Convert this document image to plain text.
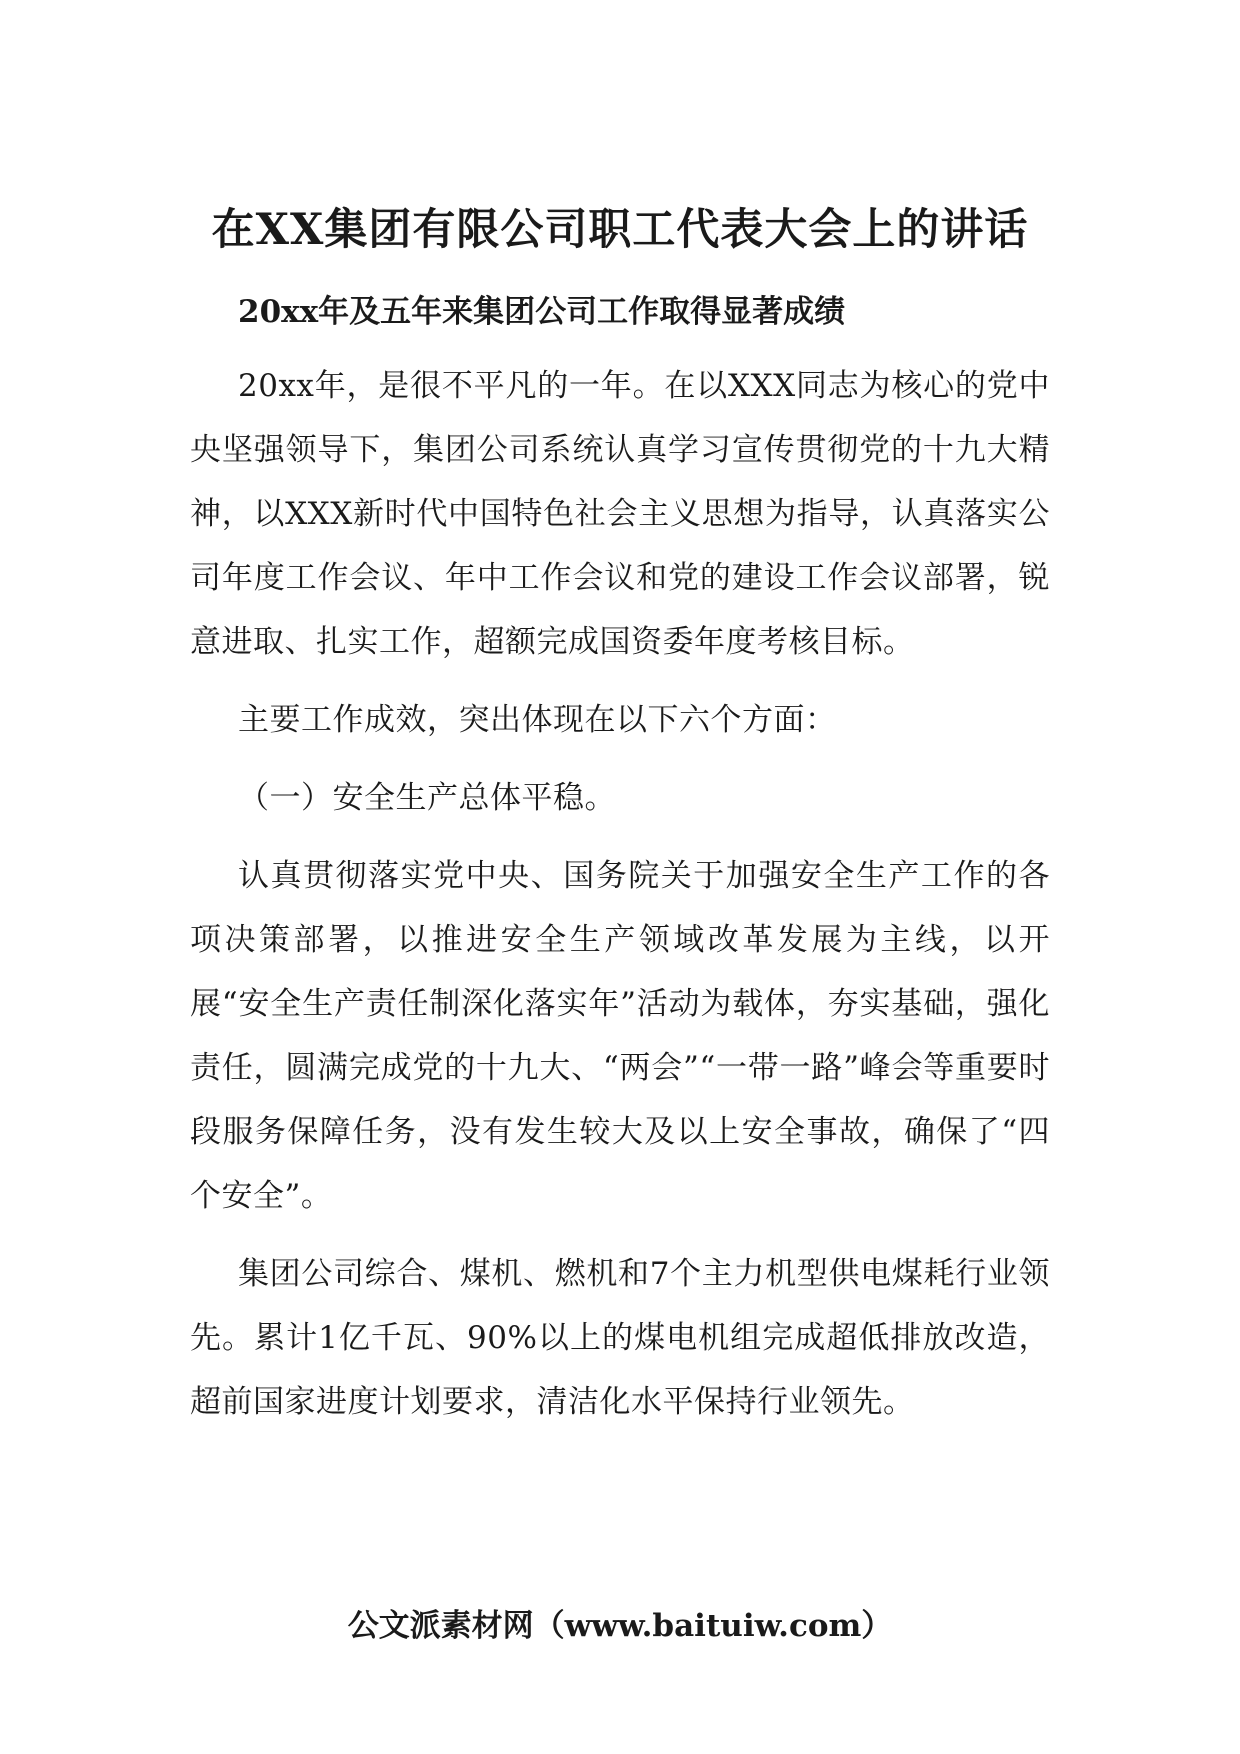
在XX集团有限公司职工代表大会上的讲话

20xx年及五年来集团公司工作取得显著成绩

20xx年，是很不平凡的一年。在以XXX同志为核心的党中央坚强领导下，集团公司系统认真学习宣传贯彻党的十九大精神，以XXX新时代中国特色社会主义思想为指导，认真落实公司年度工作会议、年中工作会议和党的建设工作会议部署，锐意进取、扎实工作，超额完成国资委年度考核目标。

主要工作成效，突出体现在以下六个方面：

（一）安全生产总体平稳。

认真贯彻落实党中央、国务院关于加强安全生产工作的各项决策部署，以推进安全生产领域改革发展为主线，以开展“安全生产责任制深化落实年”活动为载体，夯实基础，强化责任，圆满完成党的十九大、“两会”“一带一路”峰会等重要时段服务保障任务，没有发生较大及以上安全事故，确保了“四个安全”。

集团公司综合、煤机、燃机和7个主力机型供电煤耗行业领先。累计1亿千瓦、90%以上的煤电机组完成超低排放改造，超前国家进度计划要求，清洁化水平保持行业领先。

公文派素材网（www.baituiw.com）
